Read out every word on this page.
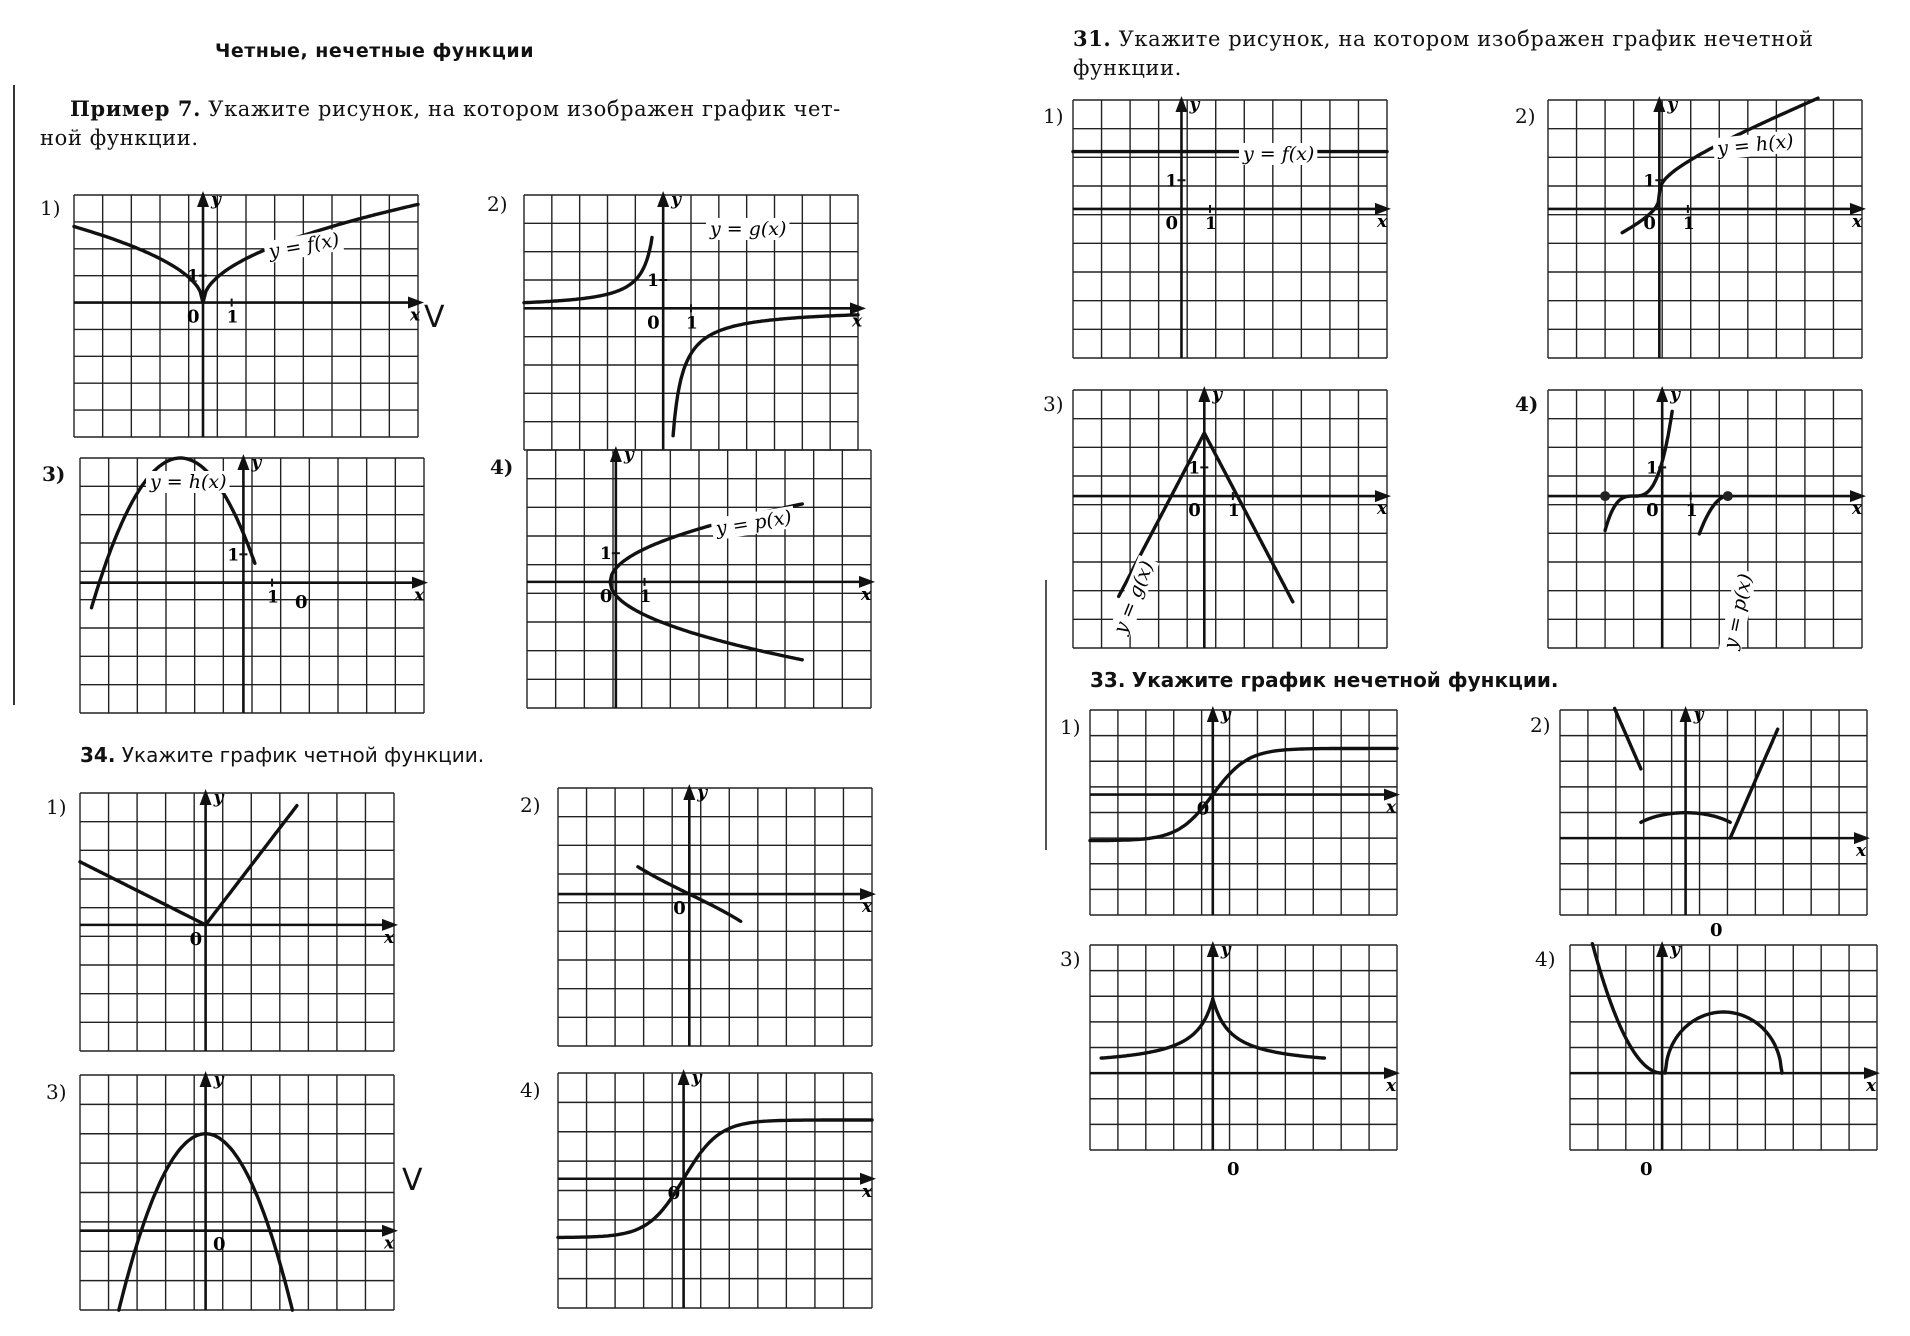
Четные, нечетные функции
Пример 7. Укажите рисунок, на котором изображен график чет-
ной функции.
1)	2)
3)	4)
34. Укажите график четной функции.
1)	2)
3)	4)
31. Укажите рисунок, на котором изображен график нечетной
функции.
1)	2)
3)	4)
33. Укажите график нечетной функции.
1)	2)
3)	4)
V
V
x
y
0 1
1
y = f(x)
x
y
0 1
1
y = g(x)
x
y
0
1
1
y = h(x)
x
y
0 1
1
y = p(x)
x
y
0
x
y
0
x
y
0
x
y
0
x
y
0 1
1
y = f(x)
x
y
0 1
1
y = h(x)
x
y
0 1
1
y = g(x)
x
y
0 1
1
y = p(x)
x
y
0
x
y
0
x
y
0
x
y
0
